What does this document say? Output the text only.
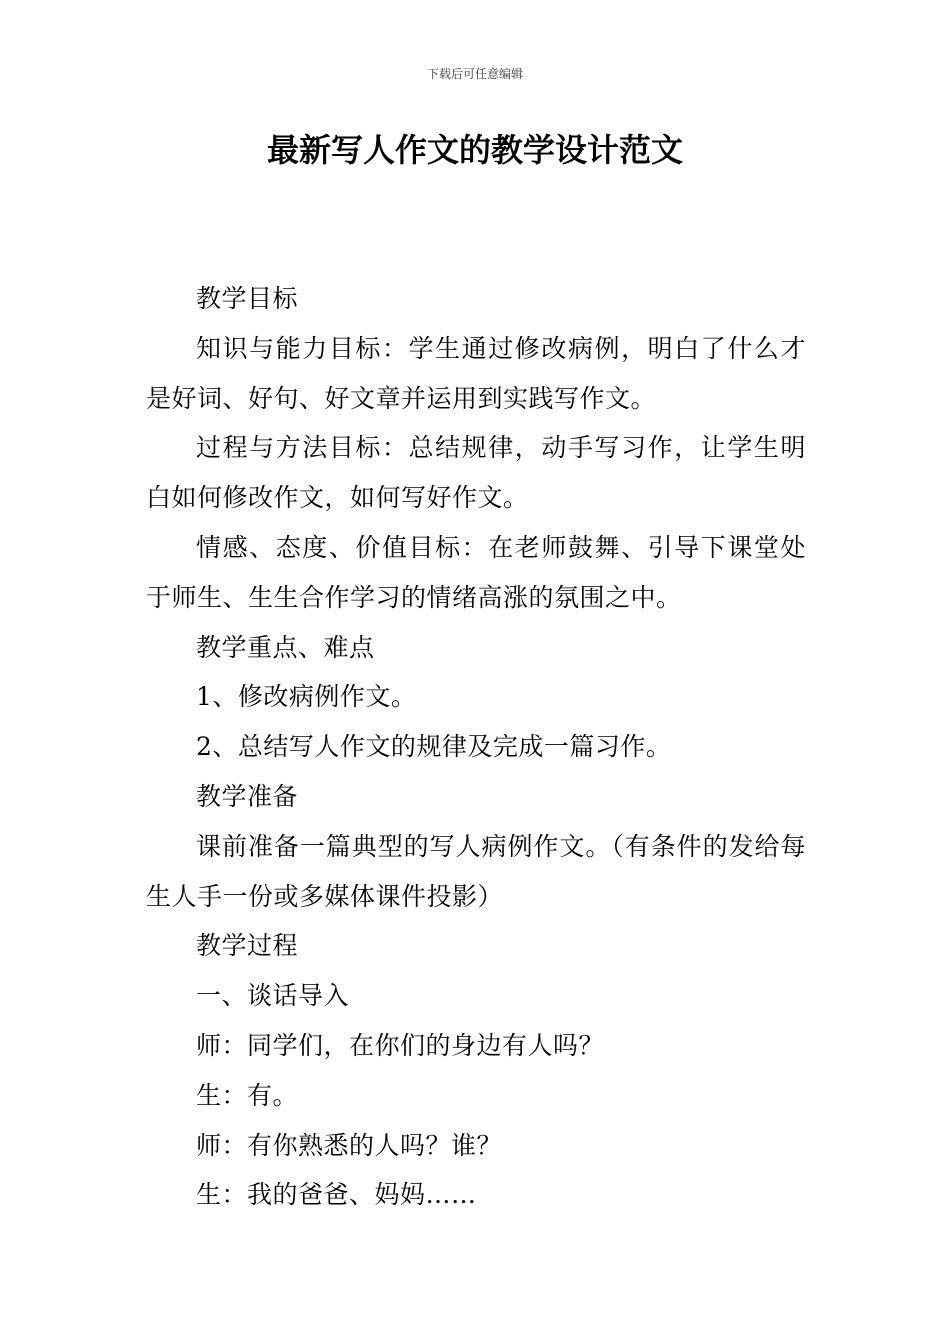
下载后可任意编辑
最新写人作文的教学设计范文

教学目标

知识与能力目标：学生通过修改病例，明白了什么才是好词、好句、好文章并运用到实践写作文。

过程与方法目标：总结规律，动手写习作，让学生明白如何修改作文，如何写好作文。

情感、态度、价值目标：在老师鼓舞、引导下课堂处于师生、生生合作学习的情绪高涨的氛围之中。

教学重点、难点

1、修改病例作文。

2、总结写人作文的规律及完成一篇习作。

教学准备

课前准备一篇典型的写人病例作文。（有条件的发给每生人手一份或多媒体课件投影）

教学过程

一、谈话导入

师：同学们，在你们的身边有人吗？

生：有。

师：有你熟悉的人吗？谁？

生：我的爸爸、妈妈……
